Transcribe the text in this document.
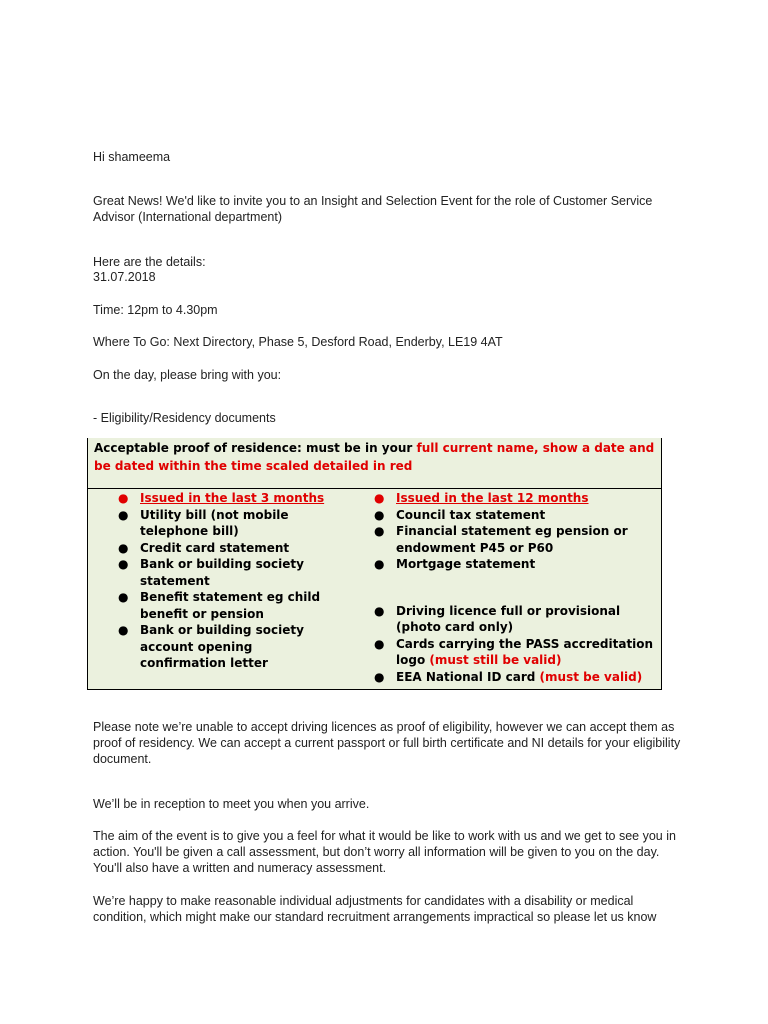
Hi shameema

Great News! We'd like to invite you to an Insight and Selection Event for the role of Customer Service Advisor (International department)

Here are the details:

31.07.2018

Time: 12pm to 4.30pm

Where To Go: Next Directory, Phase 5, Desford Road, Enderby, LE19 4AT

On the day, please bring with you:

- Eligibility/Residency documents

Acceptable proof of residence: must be in your full current name, show a date and be dated within the time scaled detailed in red
● Issued in the last 3 months
● Utility bill (not mobile telephone bill)
● Credit card statement
● Bank or building society statement
● Benefit statement eg child benefit or pension
● Bank or building society account opening confirmation letter
● Issued in the last 12 months
● Council tax statement
● Financial statement eg pension or endowment P45 or P60
● Mortgage statement
● Driving licence full or provisional (photo card only)
● Cards carrying the PASS accreditation logo (must still be valid)
● EEA National ID card (must be valid)

Please note we’re unable to accept driving licences as proof of eligibility, however we can accept them as proof of residency. We can accept a current passport or full birth certificate and NI details for your eligibility document.

We’ll be in reception to meet you when you arrive.

The aim of the event is to give you a feel for what it would be like to work with us and we get to see you in action. You'll be given a call assessment, but don’t worry all information will be given to you on the day. You'll also have a written and numeracy assessment.

We’re happy to make reasonable individual adjustments for candidates with a disability or medical condition, which might make our standard recruitment arrangements impractical so please let us know
